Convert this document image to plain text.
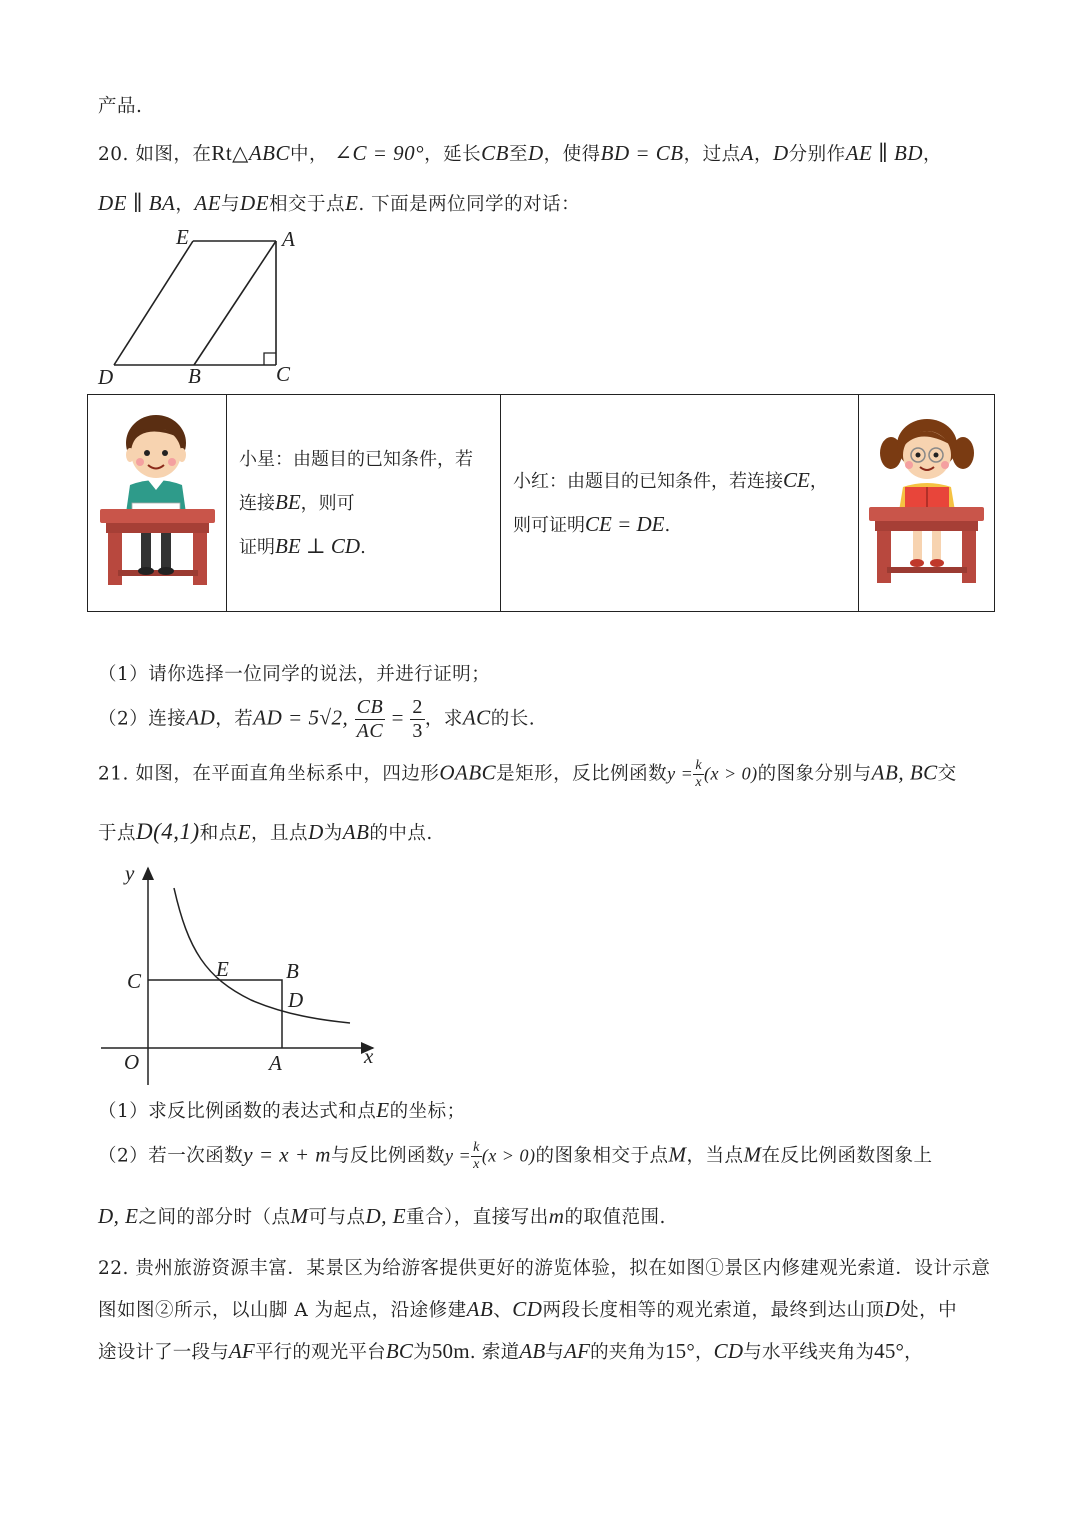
产品.
20. 如图，在Rt△ABC中， ∠C = 90°，延长CB至D，使得BD = CB，过点A，D分别作AE ∥ BD，
DE ∥ BA，AE与DE相交于点E. 下面是两位同学的对话：
E	A
D	B	C

小星：由题目的已知条件，若
连接BE，则可
证明BE ⊥ CD.

小红：由题目的已知条件，若连接CE，
则可证明CE = DE.

（1）请你选择一位同学的说法，并进行证明；
（2）连接AD，若AD = 5√2, $\frac{CB}{AC} = \frac{2}{3}$ ，求AC的长.
21. 如图，在平面直角坐标系中，四边形OABC是矩形，反比例函数$y = \frac{k}{x} (x > 0)$的图象分别与AB, BC交
于点D(4,1)和点E，且点D为AB的中点.
y
x
O
C	E	B
D
A
（1）求反比例函数的表达式和点E的坐标；
（2）若一次函数y = x + m与反比例函数$y = \frac{k}{x} (x > 0)$的图象相交于点M，当点M在反比例函数图象上
D, E之间的部分时（点M可与点D, E重合），直接写出m的取值范围.
22. 贵州旅游资源丰富．某景区为给游客提供更好的游览体验，拟在如图①景区内修建观光索道．设计示意
图如图②所示，以山脚 A 为起点，沿途修建AB、CD两段长度相等的观光索道，最终到达山顶D处，中
途设计了一段与AF平行的观光平台BC为50m. 索道AB与AF的夹角为15°，CD与水平线夹角为45°，
